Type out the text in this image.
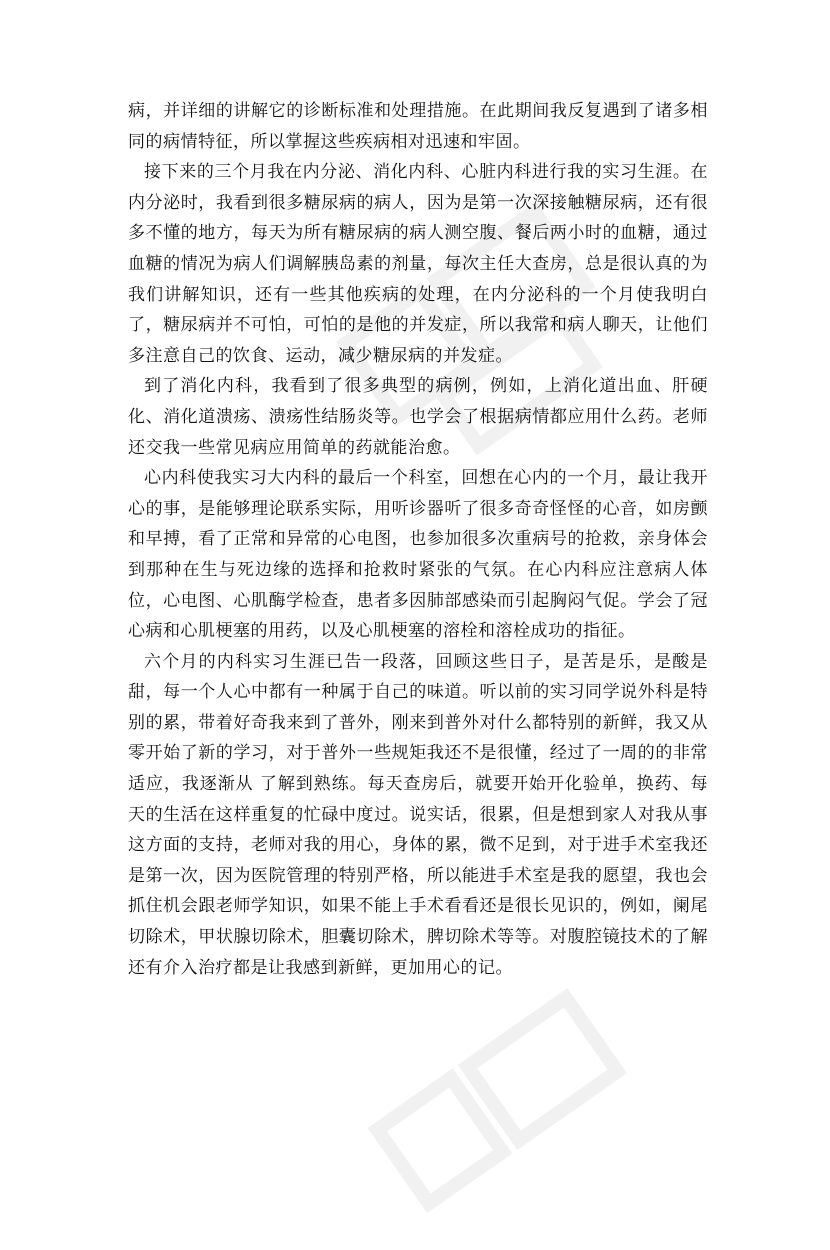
病，并详细的讲解它的诊断标准和处理措施。在此期间我反复遇到了诸多相同的病情特征，所以掌握这些疾病相对迅速和牢固。

接下来的三个月我在内分泌、消化内科、心脏内科进行我的实习生涯。在内分泌时，我看到很多糖尿病的病人，因为是第一次深接触糖尿病，还有很多不懂的地方，每天为所有糖尿病的病人测空腹、餐后两小时的血糖，通过血糖的情况为病人们调解胰岛素的剂量，每次主任大查房，总是很认真的为我们讲解知识，还有一些其他疾病的处理，在内分泌科的一个月使我明白了，糖尿病并不可怕，可怕的是他的并发症，所以我常和病人聊天，让他们多注意自己的饮食、运动，减少糖尿病的并发症。

到了消化内科，我看到了很多典型的病例，例如，上消化道出血、肝硬化、消化道溃疡、溃疡性结肠炎等。也学会了根据病情都应用什么药。老师还交我一些常见病应用简单的药就能治愈。

心内科使我实习大内科的最后一个科室，回想在心内的一个月，最让我开心的事，是能够理论联系实际，用听诊器听了很多奇奇怪怪的心音，如房颤和早搏，看了正常和异常的心电图，也参加很多次重病号的抢救，亲身体会到那种在生与死边缘的选择和抢救时紧张的气氛。在心内科应注意病人体位，心电图、心肌酶学检查，患者多因肺部感染而引起胸闷气促。学会了冠心病和心肌梗塞的用药，以及心肌梗塞的溶栓和溶栓成功的指征。

六个月的内科实习生涯已告一段落，回顾这些日子，是苦是乐，是酸是甜，每一个人心中都有一种属于自己的味道。听以前的实习同学说外科是特别的累，带着好奇我来到了普外，刚来到普外对什么都特别的新鲜，我又从零开始了新的学习，对于普外一些规矩我还不是很懂，经过了一周的的非常适应，我逐渐从 了解到熟练。每天查房后，就要开始开化验单，换药、每天的生活在这样重复的忙碌中度过。说实话，很累，但是想到家人对我从事这方面的支持，老师对我的用心，身体的累，微不足到，对于进手术室我还是第一次，因为医院管理的特别严格，所以能进手术室是我的愿望，我也会抓住机会跟老师学知识，如果不能上手术看看还是很长见识的，例如，阑尾切除术，甲状腺切除术，胆囊切除术，脾切除术等等。对腹腔镜技术的了解还有介入治疗都是让我感到新鲜，更加用心的记。
